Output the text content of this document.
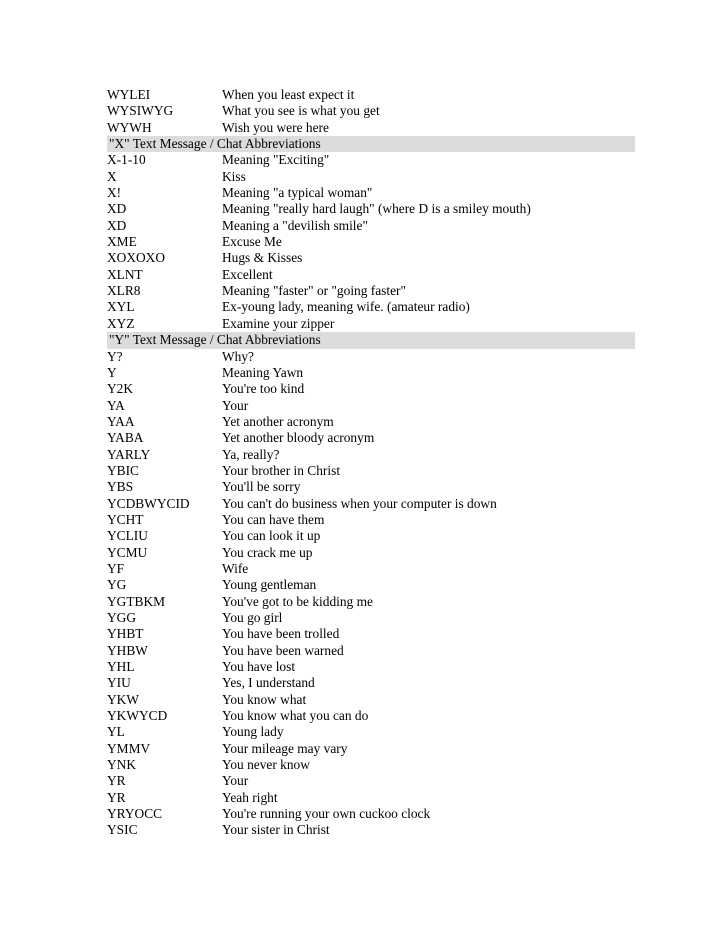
WYLEI	When you least expect it
WYSIWYG	What you see is what you get
WYWH	Wish you were here
"X" Text Message / Chat Abbreviations
X-1-10	Meaning "Exciting"
X	Kiss
X!	Meaning "a typical woman"
XD	Meaning "really hard laugh" (where D is a smiley mouth)
XD	Meaning a "devilish smile"
XME	Excuse Me
XOXOXO	Hugs & Kisses
XLNT	Excellent
XLR8	Meaning "faster" or "going faster"
XYL	Ex-young lady, meaning wife. (amateur radio)
XYZ	Examine your zipper
"Y" Text Message / Chat Abbreviations
Y?	Why?
Y	Meaning Yawn
Y2K	You're too kind
YA	Your
YAA	Yet another acronym
YABA	Yet another bloody acronym
YARLY	Ya, really?
YBIC	Your brother in Christ
YBS	You'll be sorry
YCDBWYCID You can't do business when your computer is down
YCHT	You can have them
YCLIU	You can look it up
YCMU	You crack me up
YF	Wife
YG	Young gentleman
YGTBKM	You've got to be kidding me
YGG	You go girl
YHBT	You have been trolled
YHBW	You have been warned
YHL	You have lost
YIU	Yes, I understand
YKW	You know what
YKWYCD	You know what you can do
YL	Young lady
YMMV	Your mileage may vary
YNK	You never know
YR	Your
YR	Yeah right
YRYOCC	You're running your own cuckoo clock
YSIC	Your sister in Christ
